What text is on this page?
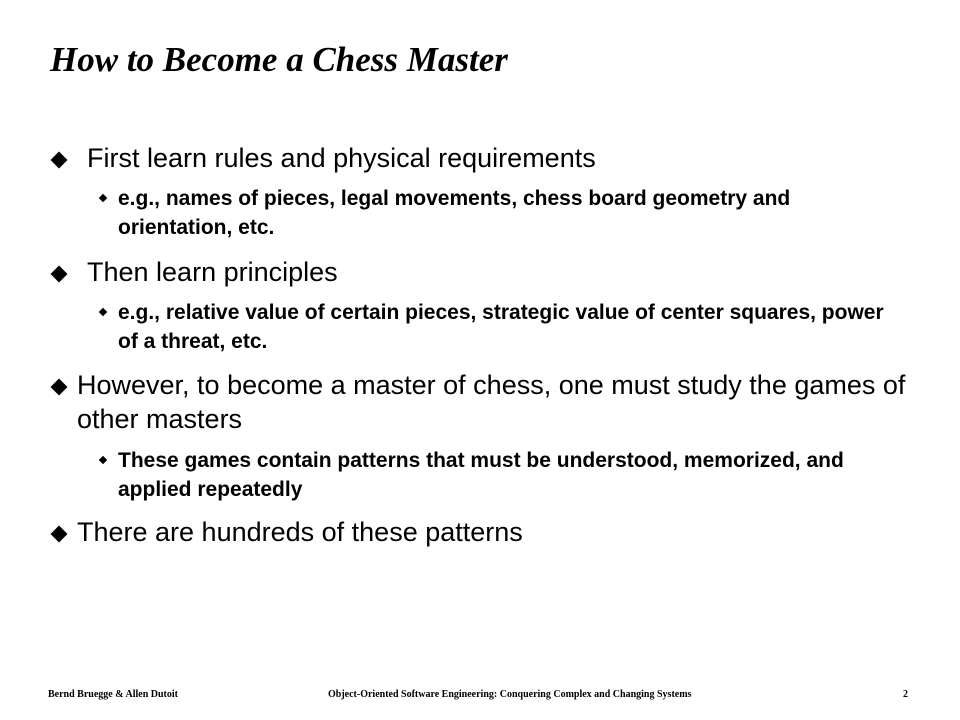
How to Become a Chess Master
First learn rules and physical requirements
e.g., names of pieces, legal movements, chess board geometry and orientation, etc.
Then learn principles
e.g., relative value of certain pieces, strategic value of center squares, power of a threat, etc.
However, to become a master of chess, one must study the games of other masters
These games contain patterns that must be understood, memorized, and applied repeatedly
There are hundreds of these patterns
Bernd Bruegge & Allen Dutoit	Object-Oriented Software Engineering: Conquering Complex and Changing Systems	2
